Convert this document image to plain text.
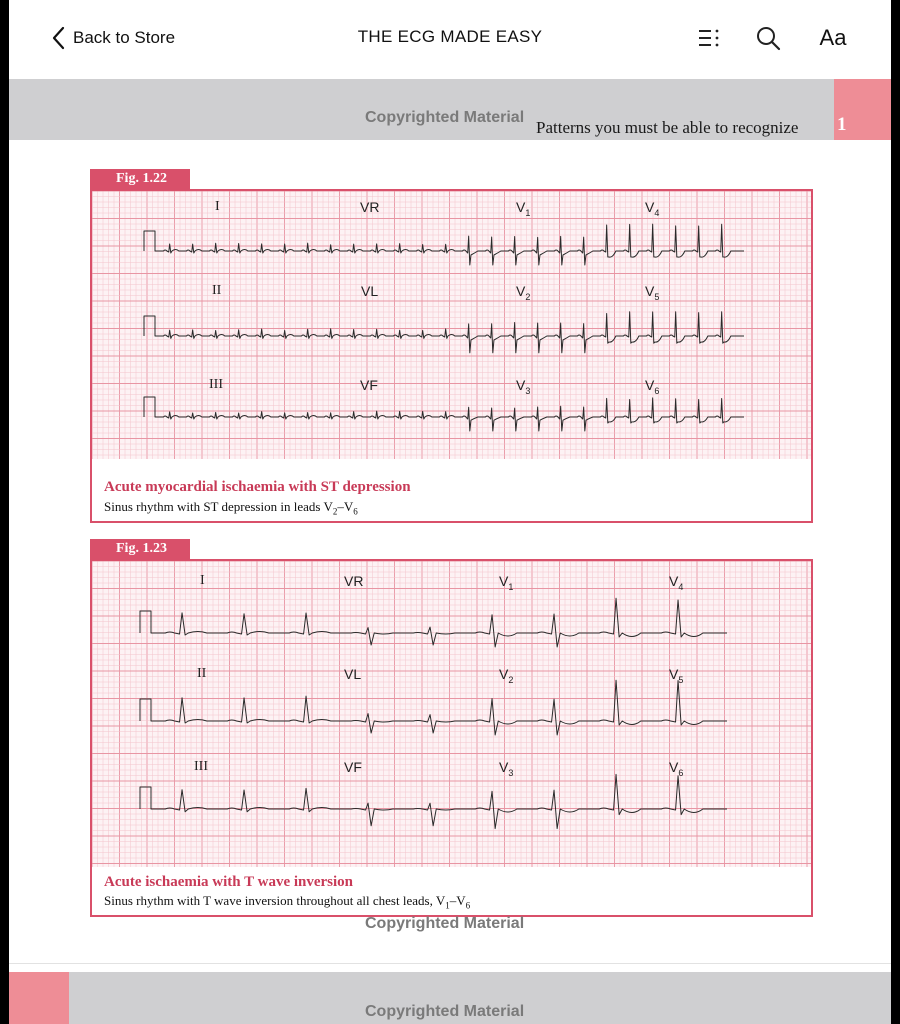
Back to Store	THE ECG MADE EASY	Aa
1
Copyrighted Material
Patterns you must be able to recognize
Fig. 1.22
I	VR	$V_1$	$V_4$
II	VL	$V_2$	$V_5$
III	VF	$V_3$	$V_6$
Acute myocardial ischaemia with ST depression
Sinus rhythm with ST depression in leads $V_2-V_6$
Fig. 1.23
I	VR	$V_1$	$V_4$
II	VL	$V_2$	$V_5$
III	VF	$V_3$	$V_6$
Acute ischaemia with T wave inversion
Sinus rhythm with T wave inversion throughout all chest leads, $V_1-V_6$
Copyrighted Material
Copyrighted Material
